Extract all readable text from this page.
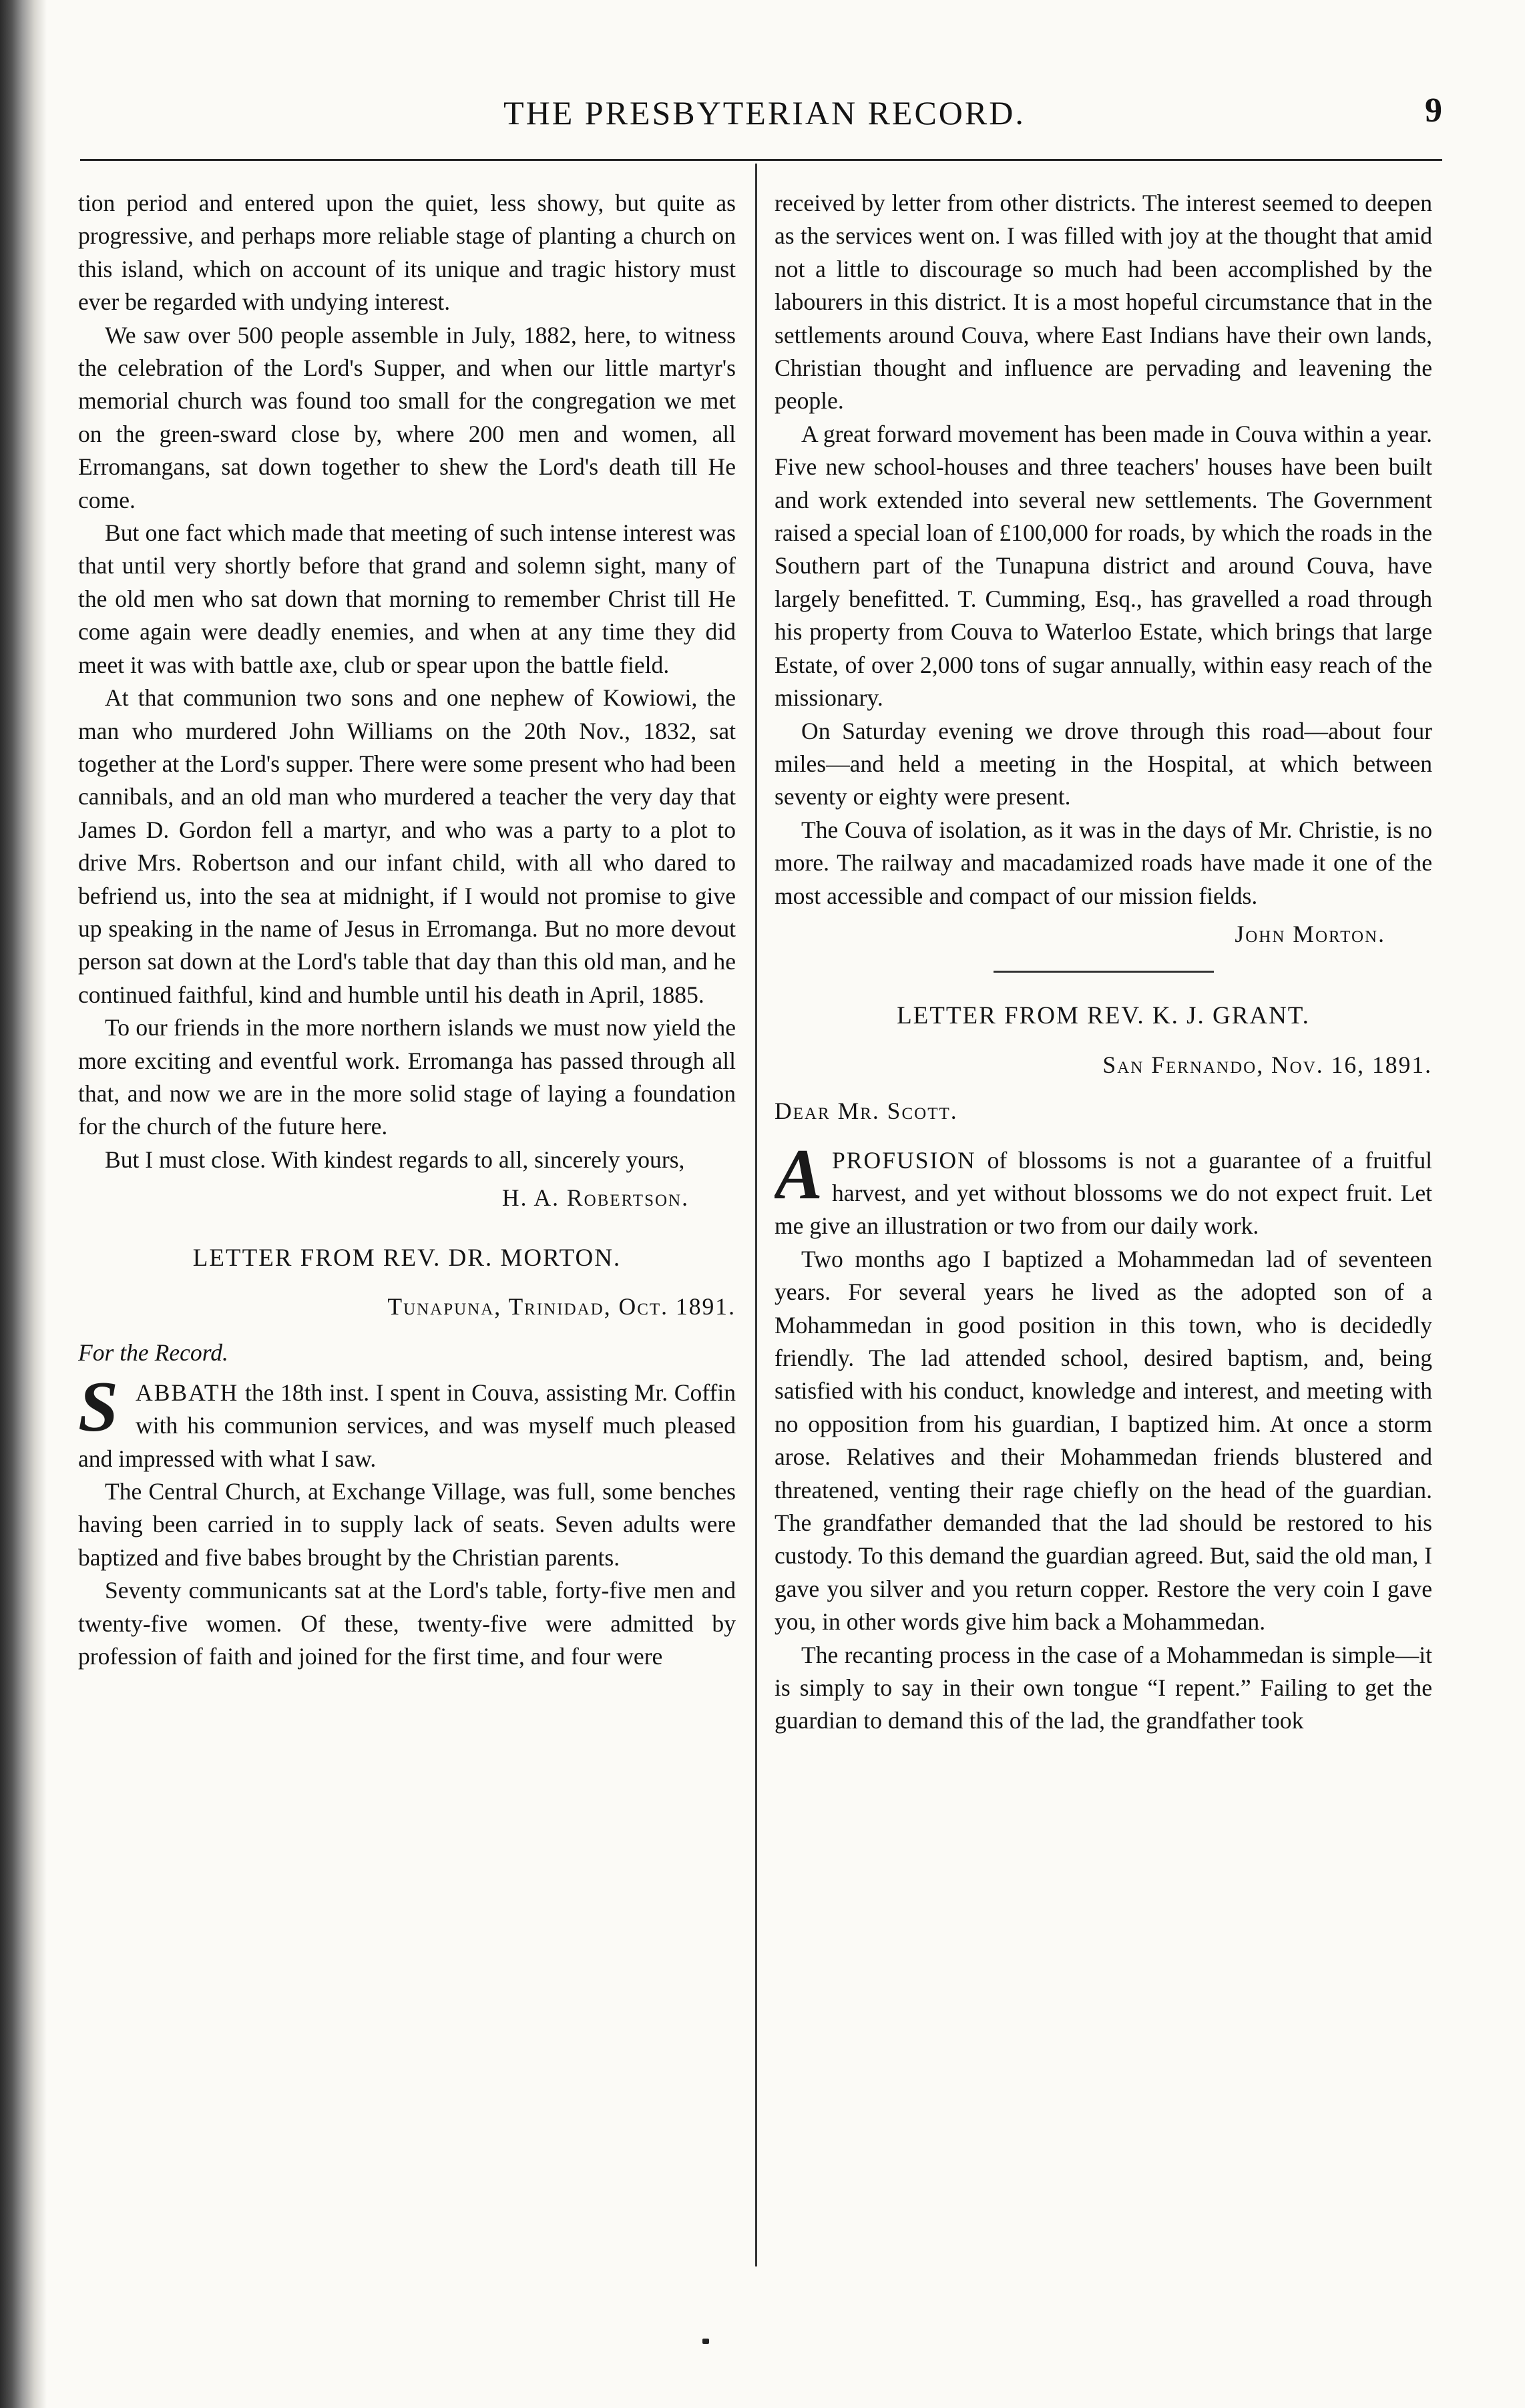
THE PRESBYTERIAN RECORD.	9

tion period and entered upon the quiet, less showy, but quite as progressive, and perhaps more reliable stage of planting a church on this island, which on account of its unique and tragic history must ever be regarded with undying interest.

We saw over 500 people assemble in July, 1882, here, to witness the celebration of the Lord's Supper, and when our little martyr's memorial church was found too small for the congregation we met on the green-sward close by, where 200 men and women, all Erromangans, sat down together to shew the Lord's death till He come.

But one fact which made that meeting of such intense interest was that until very shortly before that grand and solemn sight, many of the old men who sat down that morning to remember Christ till He come again were deadly enemies, and when at any time they did meet it was with battle axe, club or spear upon the battle field.

At that communion two sons and one nephew of Kowiowi, the man who murdered John Williams on the 20th Nov., 1832, sat together at the Lord's supper. There were some present who had been cannibals, and an old man who murdered a teacher the very day that James D. Gordon fell a martyr, and who was a party to a plot to drive Mrs. Robertson and our infant child, with all who dared to befriend us, into the sea at midnight, if I would not promise to give up speaking in the name of Jesus in Erromanga. But no more devout person sat down at the Lord's table that day than this old man, and he continued faithful, kind and humble until his death in April, 1885.

To our friends in the more northern islands we must now yield the more exciting and eventful work. Erromanga has passed through all that, and now we are in the more solid stage of laying a foundation for the church of the future here.

But I must close. With kindest regards to all, sincerely yours,

H. A. Robertson.
LETTER FROM REV. DR. MORTON.
Tunapuna, Trinidad, Oct. 1891.
For the Record.

SABBATH the 18th inst. I spent in Couva, assisting Mr. Coffin with his communion services, and was myself much pleased and impressed with what I saw.

The Central Church, at Exchange Village, was full, some benches having been carried in to supply lack of seats. Seven adults were baptized and five babes brought by the Christian parents.

Seventy communicants sat at the Lord's table, forty-five men and twenty-five women. Of these, twenty-five were admitted by profession of faith and joined for the first time, and four were

received by letter from other districts. The interest seemed to deepen as the services went on. I was filled with joy at the thought that amid not a little to discourage so much had been accomplished by the labourers in this district. It is a most hopeful circumstance that in the settlements around Couva, where East Indians have their own lands, Christian thought and influence are pervading and leavening the people.

A great forward movement has been made in Couva within a year. Five new school-houses and three teachers' houses have been built and work extended into several new settlements. The Government raised a special loan of £100,000 for roads, by which the roads in the Southern part of the Tunapuna district and around Couva, have largely benefitted. T. Cumming, Esq., has gravelled a road through his property from Couva to Waterloo Estate, which brings that large Estate, of over 2,000 tons of sugar annually, within easy reach of the missionary.

On Saturday evening we drove through this road—about four miles—and held a meeting in the Hospital, at which between seventy or eighty were present.

The Couva of isolation, as it was in the days of Mr. Christie, is no more. The railway and macadamized roads have made it one of the most accessible and compact of our mission fields.

John Morton.
LETTER FROM REV. K. J. GRANT.
San Fernando, Nov. 16, 1891.
Dear Mr. Scott.

APROFUSION of blossoms is not a guarantee of a fruitful harvest, and yet without blossoms we do not expect fruit. Let me give an illustration or two from our daily work.

Two months ago I baptized a Mohammedan lad of seventeen years. For several years he lived as the adopted son of a Mohammedan in good position in this town, who is decidedly friendly. The lad attended school, desired baptism, and, being satisfied with his conduct, knowledge and interest, and meeting with no opposition from his guardian, I baptized him. At once a storm arose. Relatives and their Mohammedan friends blustered and threatened, venting their rage chiefly on the head of the guardian. The grandfather demanded that the lad should be restored to his custody. To this demand the guardian agreed. But, said the old man, I gave you silver and you return copper. Restore the very coin I gave you, in other words give him back a Mohammedan.

The recanting process in the case of a Mohammedan is simple—it is simply to say in their own tongue “I repent.” Failing to get the guardian to demand this of the lad, the grandfather took
